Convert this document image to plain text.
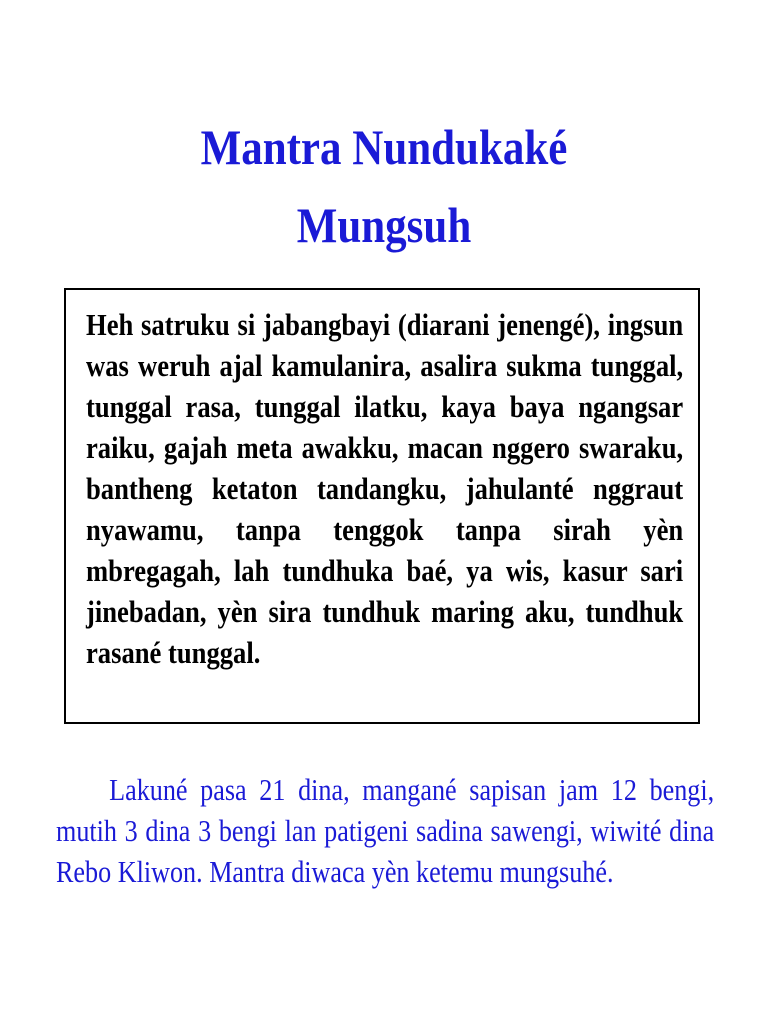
Mantra Nundukaké
Mungsuh

Heh satruku si jabangbayi (diarani jenengé), ingsun was weruh ajal kamulanira, asalira sukma tunggal, tunggal rasa, tunggal ilatku, kaya baya ngangsar raiku, gajah meta awakku, macan nggero swaraku, bantheng ketaton tandangku, jahulanté nggraut nyawamu, tanpa tenggok tanpa sirah yèn mbregagah, lah tundhuka baé, ya wis, kasur sari jinebadan, yèn sira tundhuk maring aku, tundhuk rasané tunggal.

Lakuné pasa 21 dina, mangané sapisan jam 12 bengi, mutih 3 dina 3 bengi lan patigeni sadina sawengi, wiwité dina Rebo Kliwon. Mantra diwaca yèn ketemu mungsuhé.
